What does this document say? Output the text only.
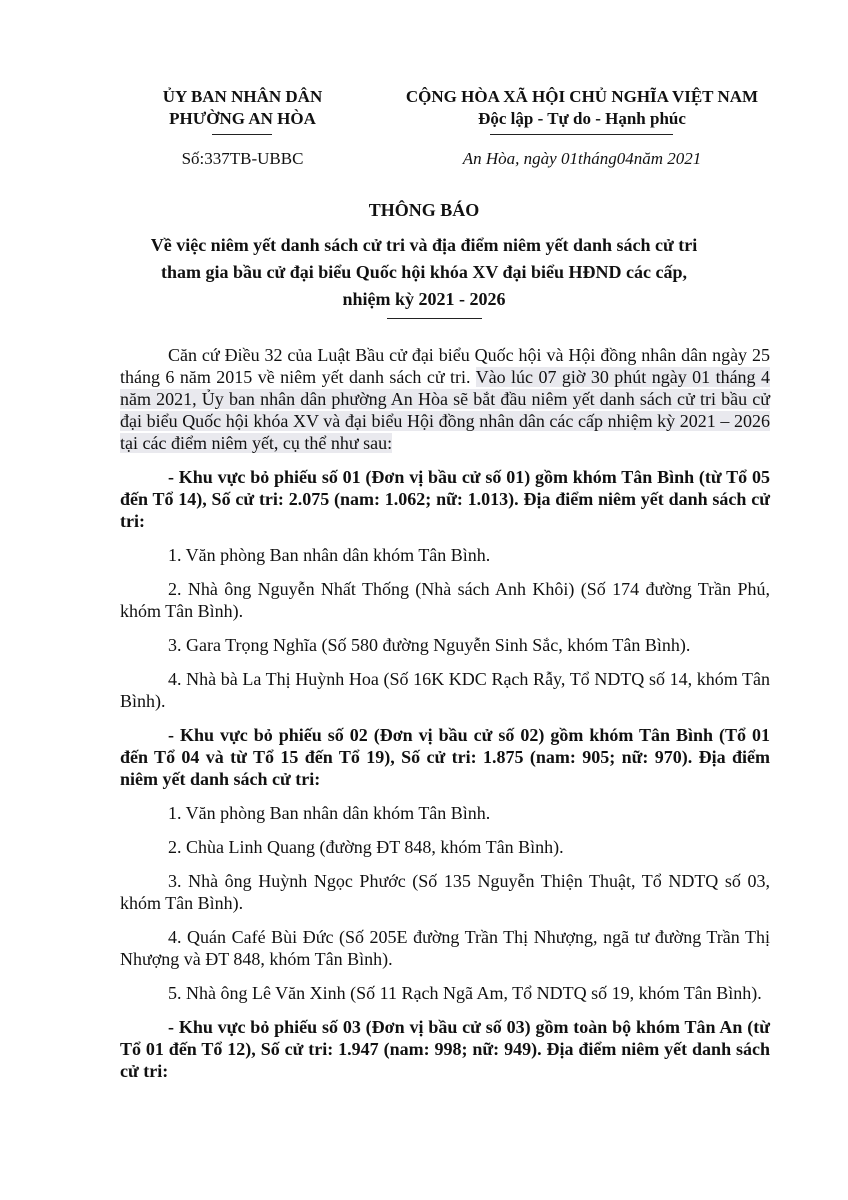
ỦY BAN NHÂN DÂN
PHƯỜNG AN HÒA
Số:337TB-UBBC
CỘNG HÒA XÃ HỘI CHỦ NGHĨA VIỆT NAM
Độc lập - Tự do - Hạnh phúc
An Hòa, ngày 01tháng04năm 2021
THÔNG BÁO
Về việc niêm yết danh sách cử tri và địa điểm niêm yết danh sách cử tri
tham gia bầu cử đại biểu Quốc hội khóa XV đại biểu HĐND các cấp,
nhiệm kỳ 2021 - 2026

Căn cứ Điều 32 của Luật Bầu cử đại biểu Quốc hội và Hội đồng nhân dân ngày 25 tháng 6 năm 2015 về niêm yết danh sách cử tri. Vào lúc 07 giờ 30 phút ngày 01 tháng 4 năm 2021, Ủy ban nhân dân phường An Hòa sẽ bắt đầu niêm yết danh sách cử tri bầu cử đại biểu Quốc hội khóa XV và đại biểu Hội đồng nhân dân các cấp nhiệm kỳ 2021 – 2026 tại các điểm niêm yết, cụ thể như sau:

- Khu vực bỏ phiếu số 01 (Đơn vị bầu cử số 01) gồm khóm Tân Bình (từ Tổ 05 đến Tổ 14), Số cử tri: 2.075 (nam: 1.062; nữ: 1.013). Địa điểm niêm yết danh sách cử tri:

1. Văn phòng Ban nhân dân khóm Tân Bình.

2. Nhà ông Nguyễn Nhất Thống (Nhà sách Anh Khôi) (Số 174 đường Trần Phú, khóm Tân Bình).

3. Gara Trọng Nghĩa (Số 580 đường Nguyễn Sinh Sắc, khóm Tân Bình).

4. Nhà bà La Thị Huỳnh Hoa (Số 16K KDC Rạch Rẫy, Tổ NDTQ số 14, khóm Tân Bình).

- Khu vực bỏ phiếu số 02 (Đơn vị bầu cử số 02) gồm khóm Tân Bình (Tổ 01 đến Tổ 04 và từ Tổ 15 đến Tổ 19), Số cử tri: 1.875 (nam: 905; nữ: 970). Địa điểm niêm yết danh sách cử tri:

1. Văn phòng Ban nhân dân khóm Tân Bình.

2. Chùa Linh Quang (đường ĐT 848, khóm Tân Bình).

3. Nhà ông Huỳnh Ngọc Phước (Số 135 Nguyễn Thiện Thuật, Tổ NDTQ số 03, khóm Tân Bình).

4. Quán Café Bùi Đức (Số 205E đường Trần Thị Nhượng, ngã tư đường Trần Thị Nhượng và ĐT 848, khóm Tân Bình).

5. Nhà ông Lê Văn Xinh (Số 11 Rạch Ngã Am, Tổ NDTQ số 19, khóm Tân Bình).

- Khu vực bỏ phiếu số 03 (Đơn vị bầu cử số 03) gồm toàn bộ khóm Tân An (từ Tổ 01 đến Tổ 12), Số cử tri: 1.947 (nam: 998; nữ: 949). Địa điểm niêm yết danh sách cử tri:
